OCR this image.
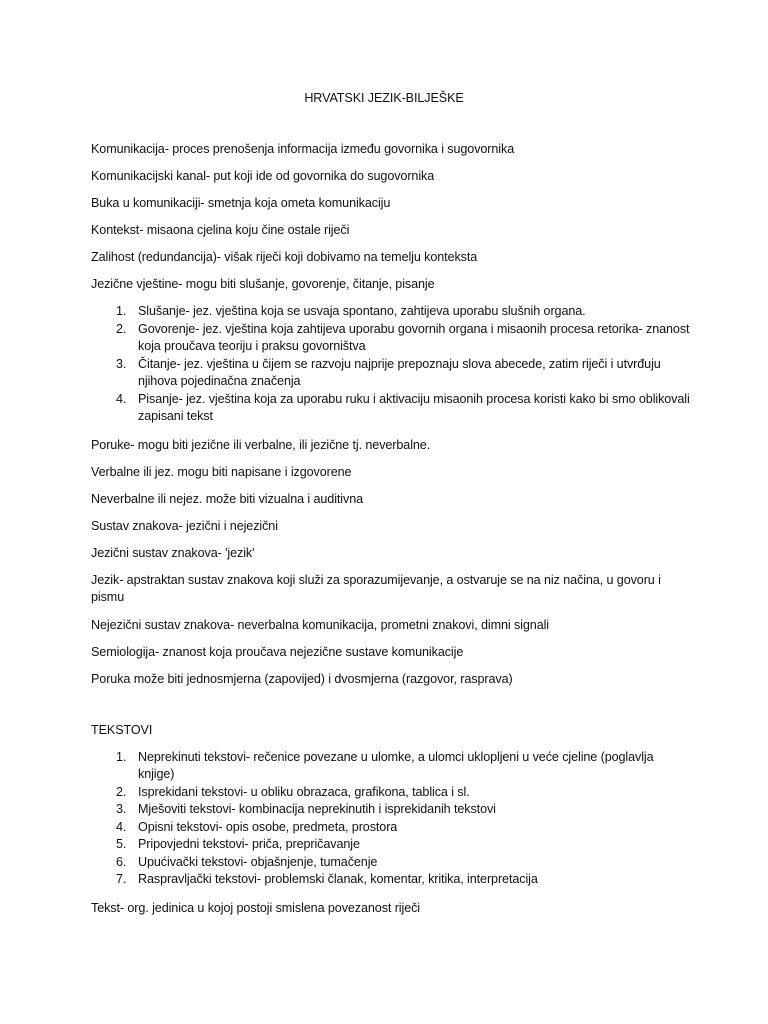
HRVATSKI JEZIK-BILJEŠKE

Komunikacija- proces prenošenja informacija između govornika i sugovornika

Komunikacijski kanal- put koji ide od govornika do sugovornika

Buka u komunikaciji- smetnja koja ometa komunikaciju

Kontekst- misaona cjelina koju čine ostale riječi

Zalihost (redundancija)- višak riječi koji dobivamo na temelju konteksta

Jezične vještine- mogu biti slušanje, govorenje, čitanje, pisanje

1. Slušanje- jez. vještina koja se usvaja spontano, zahtijeva uporabu slušnih organa.
2. Govorenje- jez. vještina koja zahtijeva uporabu govornih organa i misaonih procesa retorika- znanost koja proučava teoriju i praksu govorništva
3. Čitanje- jez. vještina u čijem se razvoju najprije prepoznaju slova abecede, zatim riječi i utvrđuju njihova pojedinačna značenja
4. Pisanje- jez. vještina koja za uporabu ruku i aktivaciju misaonih procesa koristi kako bi smo oblikovali zapisani tekst

Poruke- mogu biti jezične ili verbalne, ili jezične tj. neverbalne.

Verbalne ili jez. mogu biti napisane i izgovorene

Neverbalne ili nejez. može biti vizualna i auditivna

Sustav znakova- jezični i nejezični

Jezični sustav znakova- 'jezik'

Jezik- apstraktan sustav znakova koji služi za sporazumijevanje, a ostvaruje se na niz načina, u govoru i pismu

Nejezični sustav znakova- neverbalna komunikacija, prometni znakovi, dimni signali

Semiologija- znanost koja proučava nejezične sustave komunikacije

Poruka može biti jednosmjerna (zapovijed) i dvosmjerna (razgovor, rasprava)

TEKSTOVI
1. Neprekinuti tekstovi- rečenice povezane u ulomke, a ulomci uklopljeni u veće cjeline (poglavlja knjige)
2. Isprekidani tekstovi- u obliku obrazaca, grafikona, tablica i sl.
3. Mješoviti tekstovi- kombinacija neprekinutih i isprekidanih tekstovi
4. Opisni tekstovi- opis osobe, predmeta, prostora
5. Pripovjedni tekstovi- priča, prepričavanje
6. Upućivački tekstovi- objašnjenje, tumačenje
7. Raspravljački tekstovi- problemski članak, komentar, kritika, interpretacija

Tekst- org. jedinica u kojoj postoji smislena povezanost riječi
